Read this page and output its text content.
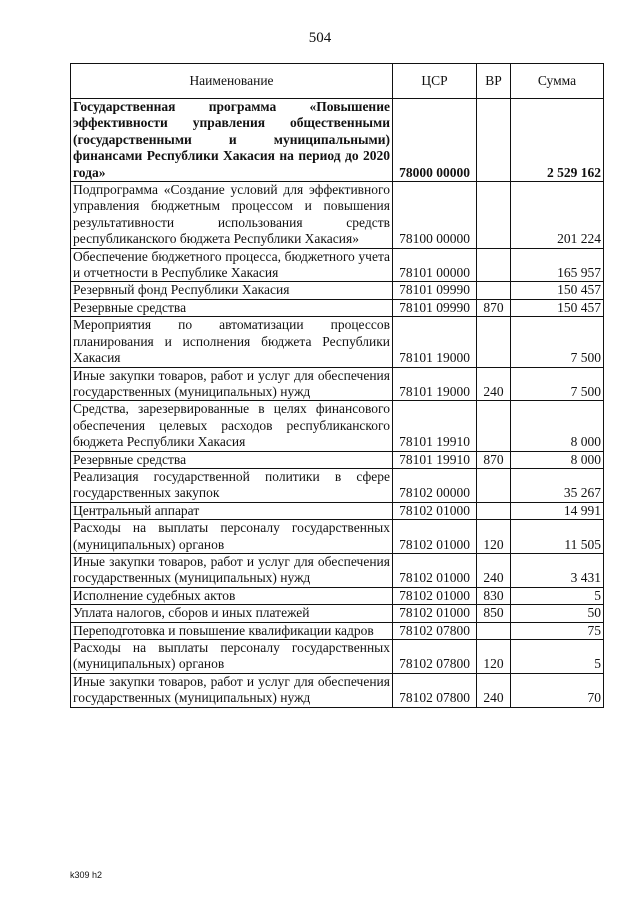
504
Наименование	ЦСР	ВР	Сумма
Государственная программа «Повышение эффективности управления общественными (государственными и муниципальными) финансами Республики Хакасия на период до 2020 года»	78000 00000		2 529 162
Подпрограмма «Создание условий для эффективного управления бюджетным процессом и повышения результативности использования средств республиканского бюджета Республики Хакасия»	78100 00000		201 224
Обеспечение бюджетного процесса, бюджетного учета и отчетности в Республике Хакасия	78101 00000		165 957
Резервный фонд Республики Хакасия	78101 09990		150 457
Резервные средства	78101 09990	870	150 457
Мероприятия по автоматизации процессов планирования и исполнения бюджета Республики Хакасия	78101 19000		7 500
Иные закупки товаров, работ и услуг для обеспечения государственных (муниципальных) нужд	78101 19000	240	7 500
Средства, зарезервированные в целях финансового обеспечения целевых расходов республиканского бюджета Республики Хакасия	78101 19910		8 000
Резервные средства	78101 19910	870	8 000
Реализация государственной политики в сфере государственных закупок	78102 00000		35 267
Центральный аппарат	78102 01000		14 991
Расходы на выплаты персоналу государственных (муниципальных) органов	78102 01000	120	11 505
Иные закупки товаров, работ и услуг для обеспечения государственных (муниципальных) нужд	78102 01000	240	3 431
Исполнение судебных актов	78102 01000	830	5
Уплата налогов, сборов и иных платежей	78102 01000	850	50
Переподготовка и повышение квалификации кадров	78102 07800		75
Расходы на выплаты персоналу государственных (муниципальных) органов	78102 07800	120	5
Иные закупки товаров, работ и услуг для обеспечения государственных (муниципальных) нужд	78102 07800	240	70
k309 h2
